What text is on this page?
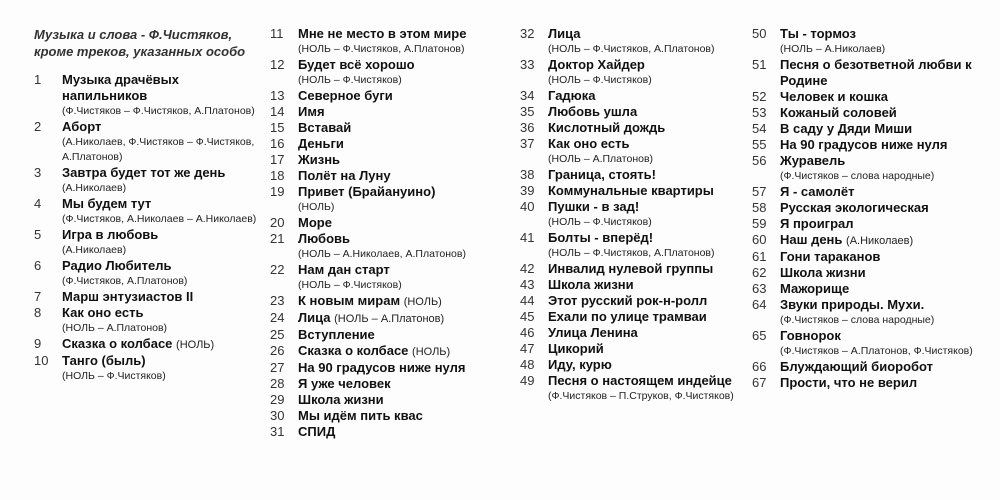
Музыка и слова - Ф.Чистяков, кроме треков, указанных особо
1 Музыка драчёвых напильников
(Ф.Чистяков – Ф.Чистяков, А.Платонов)
2 Аборт
(А.Николаев, Ф.Чистяков – Ф.Чистяков, А.Платонов)
3 Завтра будет тот же день
(А.Николаев)
4 Мы будем тут
(Ф.Чистяков, А.Николаев – А.Николаев)
5 Игра в любовь
(А.Николаев)
6 Радио Любитель
(Ф.Чистяков, А.Платонов)
7 Марш энтузиастов II
8 Как оно есть
(НОЛЬ – А.Платонов)
9 Сказка о колбасе (НОЛЬ)
10 Танго (быль)
(НОЛЬ – Ф.Чистяков)
11 Мне не место в этом мире
(НОЛЬ – Ф.Чистяков, А.Платонов)
12 Будет всё хорошо
(НОЛЬ – Ф.Чистяков)
13 Северное буги
14 Имя
15 Вставай
16 Деньги
17 Жизнь
18 Полёт на Луну
19 Привет (Брайануино)
(НОЛЬ)
20 Море
21 Любовь
(НОЛЬ – А.Николаев, А.Платонов)
22 Нам дан старт
(НОЛЬ – Ф.Чистяков)
23 К новым мирам (НОЛЬ)
24 Лица (НОЛЬ – А.Платонов)
25 Вступление
26 Сказка о колбасе (НОЛЬ)
27 На 90 градусов ниже нуля
28 Я уже человек
29 Школа жизни
30 Мы идём пить квас
31 СПИД
32 Лица
(НОЛЬ – Ф.Чистяков, А.Платонов)
33 Доктор Хайдер
(НОЛЬ – Ф.Чистяков)
34 Гадюка
35 Любовь ушла
36 Кислотный дождь
37 Как оно есть
(НОЛЬ – А.Платонов)
38 Граница, стоять!
39 Коммунальные квартиры
40 Пушки - в зад!
(НОЛЬ – Ф.Чистяков)
41 Болты - вперёд!
(НОЛЬ – Ф.Чистяков, А.Платонов)
42 Инвалид нулевой группы
43 Школа жизни
44 Этот русский рок-н-ролл
45 Ехали по улице трамваи
46 Улица Ленина
47 Цикорий
48 Иду, курю
49 Песня о настоящем индейце
(Ф.Чистяков – П.Струков, Ф.Чистяков)
50 Ты - тормоз
(НОЛЬ – А.Николаев)
51 Песня о безответной любви к Родине
52 Человек и кошка
53 Кожаный соловей
54 В саду у Дяди Миши
55 На 90 градусов ниже нуля
56 Журавель
(Ф.Чистяков – слова народные)
57 Я - самолёт
58 Русская экологическая
59 Я проиграл
60 Наш день (А.Николаев)
61 Гони тараканов
62 Школа жизни
63 Мажорище
64 Звуки природы. Мухи.
(Ф.Чистяков – слова народные)
65 Говнорок
(Ф.Чистяков – А.Платонов, Ф.Чистяков)
66 Блуждающий биоробот
67 Прости, что не верил
